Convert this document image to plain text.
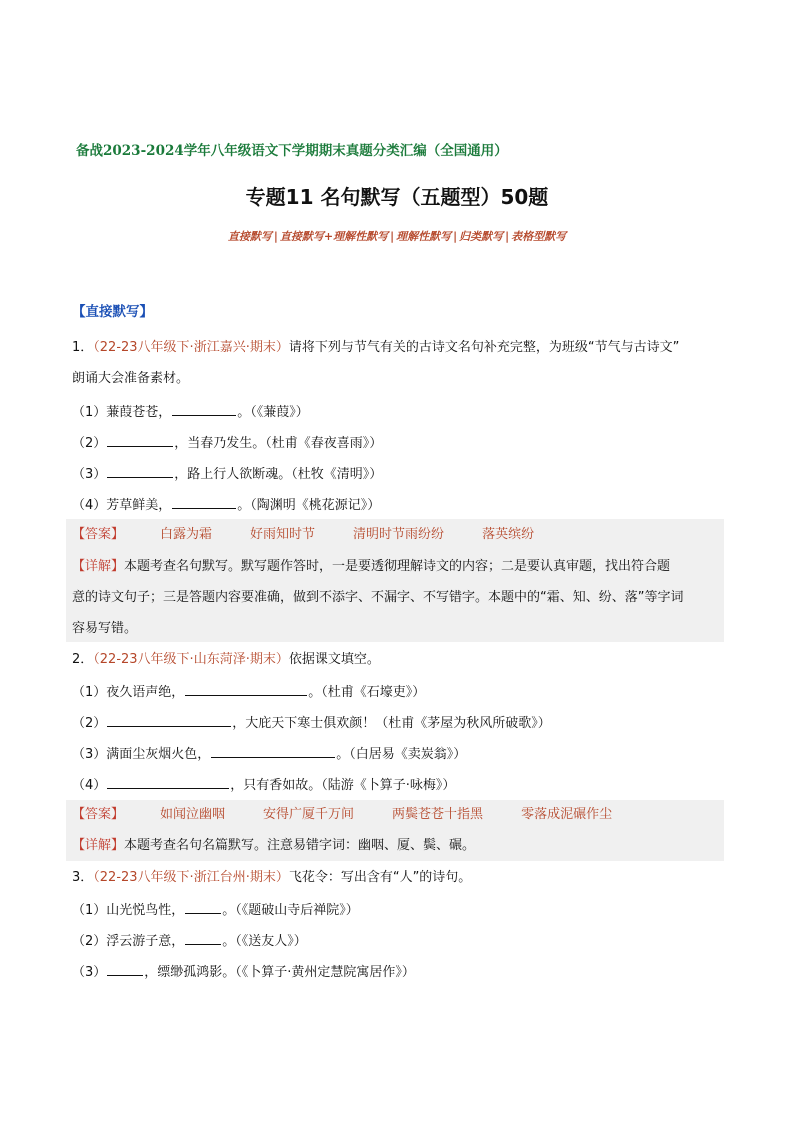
备战2023-2024学年八年级语文下学期期末真题分类汇编（全国通用）
专题11 名句默写（五题型）50题
直接默写 | 直接默写+理解性默写 | 理解性默写 | 归类默写 | 表格型默写
【直接默写】
1．（22-23八年级下·浙江嘉兴·期末）请将下列与节气有关的古诗文名句补充完整，为班级“节气与古诗文”
朗诵大会准备素材。
（1）蒹葭苍苍，	。（《蒹葭》）
（2）	，当春乃发生。（杜甫《春夜喜雨》）
（3）	，路上行人欲断魂。（杜牧《清明》）
（4）芳草鲜美，	。（陶渊明《桃花源记》）
【答案】	白露为霜	好雨知时节	清明时节雨纷纷	落英缤纷
【详解】本题考查名句默写。默写题作答时，一是要透彻理解诗文的内容；二是要认真审题，找出符合题
意的诗文句子；三是答题内容要准确，做到不添字、不漏字、不写错字。本题中的“霜、知、纷、落”等字词
容易写错。
2．（22-23八年级下·山东菏泽·期末）依据课文填空。
（1）夜久语声绝，	。（杜甫《石壕吏》）
（2）	，大庇天下寒士俱欢颜！（杜甫《茅屋为秋风所破歌》）
（3）满面尘灰烟火色，	。（白居易《卖炭翁》）
（4）	，只有香如故。（陆游《卜算子·咏梅》）
【答案】	如闻泣幽咽	安得广厦千万间	两鬓苍苍十指黑	零落成泥碾作尘
【详解】本题考查名句名篇默写。注意易错字词：幽咽、厦、鬓、碾。
3．（22-23八年级下·浙江台州·期末）飞花令：写出含有“人”的诗句。
（1）山光悦鸟性，	。（《题破山寺后禅院》）
（2）浮云游子意，	。（《送友人》）
（3）	，缥缈孤鸿影。（《卜算子·黄州定慧院寓居作》）
